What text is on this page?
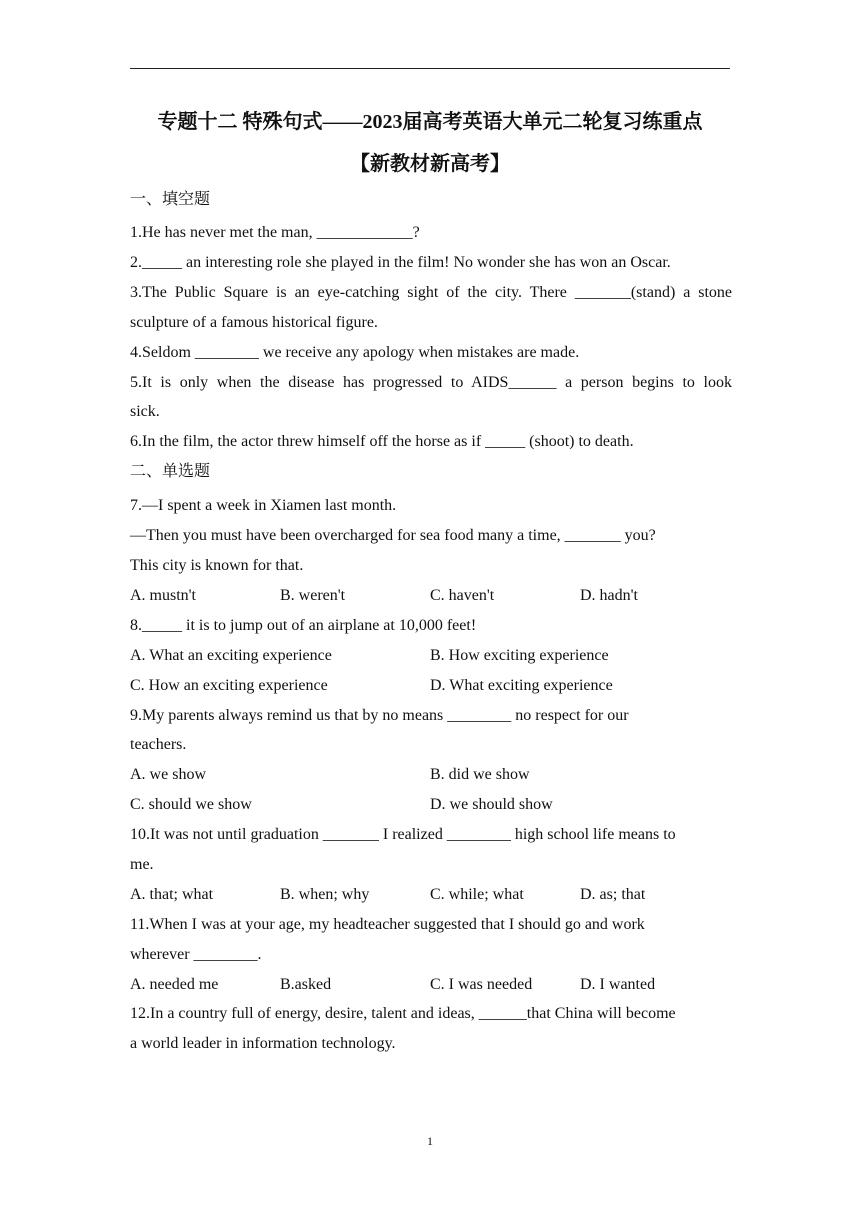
专题十二 特殊句式——2023届高考英语大单元二轮复习练重点
【新教材新高考】
一、填空题
1.He has never met the man, ____________?
2._____ an interesting role she played in the film! No wonder she has won an Oscar.
3.The Public Square is an eye-catching sight of the city. There _______(stand) a stone
sculpture of a famous historical figure.
4.Seldom ________ we receive any apology when mistakes are made.
5.It is only when the disease has progressed to AIDS______ a person begins to look
sick.
6.In the film, the actor threw himself off the horse as if _____ (shoot) to death.
二、单选题
7.—I spent a week in Xiamen last month.
—Then you must have been overcharged for sea food many a time, _______ you?
This city is known for that.
A. mustn't	B. weren't	C. haven't	D. hadn't
8._____ it is to jump out of an airplane at 10,000 feet!
A. What an exciting experience	B. How exciting experience
C. How an exciting experience	D. What exciting experience
9.My parents always remind us that by no means ________ no respect for our
teachers.
A. we show	B. did we show
C. should we show	D. we should show
10.It was not until graduation _______ I realized ________ high school life means to
me.
A. that; what	B. when; why	C. while; what	D. as; that
11.When I was at your age, my headteacher suggested that I should go and work
wherever ________.
A. needed me	B.asked	C. I was needed	D. I wanted
12.In a country full of energy, desire, talent and ideas, ______that China will become
a world leader in information technology.
1
